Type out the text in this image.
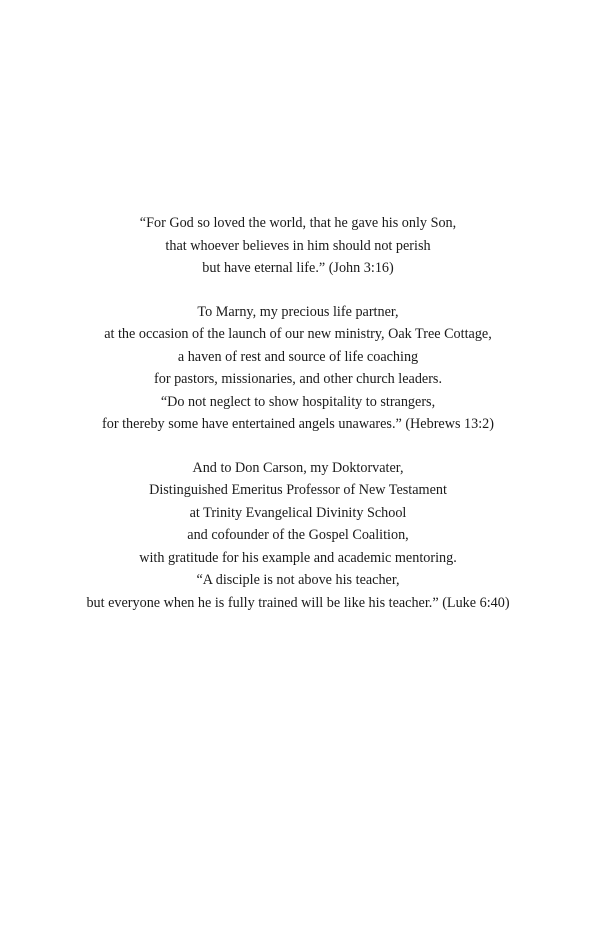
“For God so loved the world, that he gave his only Son,
that whoever believes in him should not perish
but have eternal life.” (John 3:16)

To Marny, my precious life partner,
at the occasion of the launch of our new ministry, Oak Tree Cottage,
a haven of rest and source of life coaching
for pastors, missionaries, and other church leaders.
“Do not neglect to show hospitality to strangers,
for thereby some have entertained angels unawares.” (Hebrews 13:2)

And to Don Carson, my Doktorvater,
Distinguished Emeritus Professor of New Testament
at Trinity Evangelical Divinity School
and cofounder of the Gospel Coalition,
with gratitude for his example and academic mentoring.
“A disciple is not above his teacher,
but everyone when he is fully trained will be like his teacher.” (Luke 6:40)
